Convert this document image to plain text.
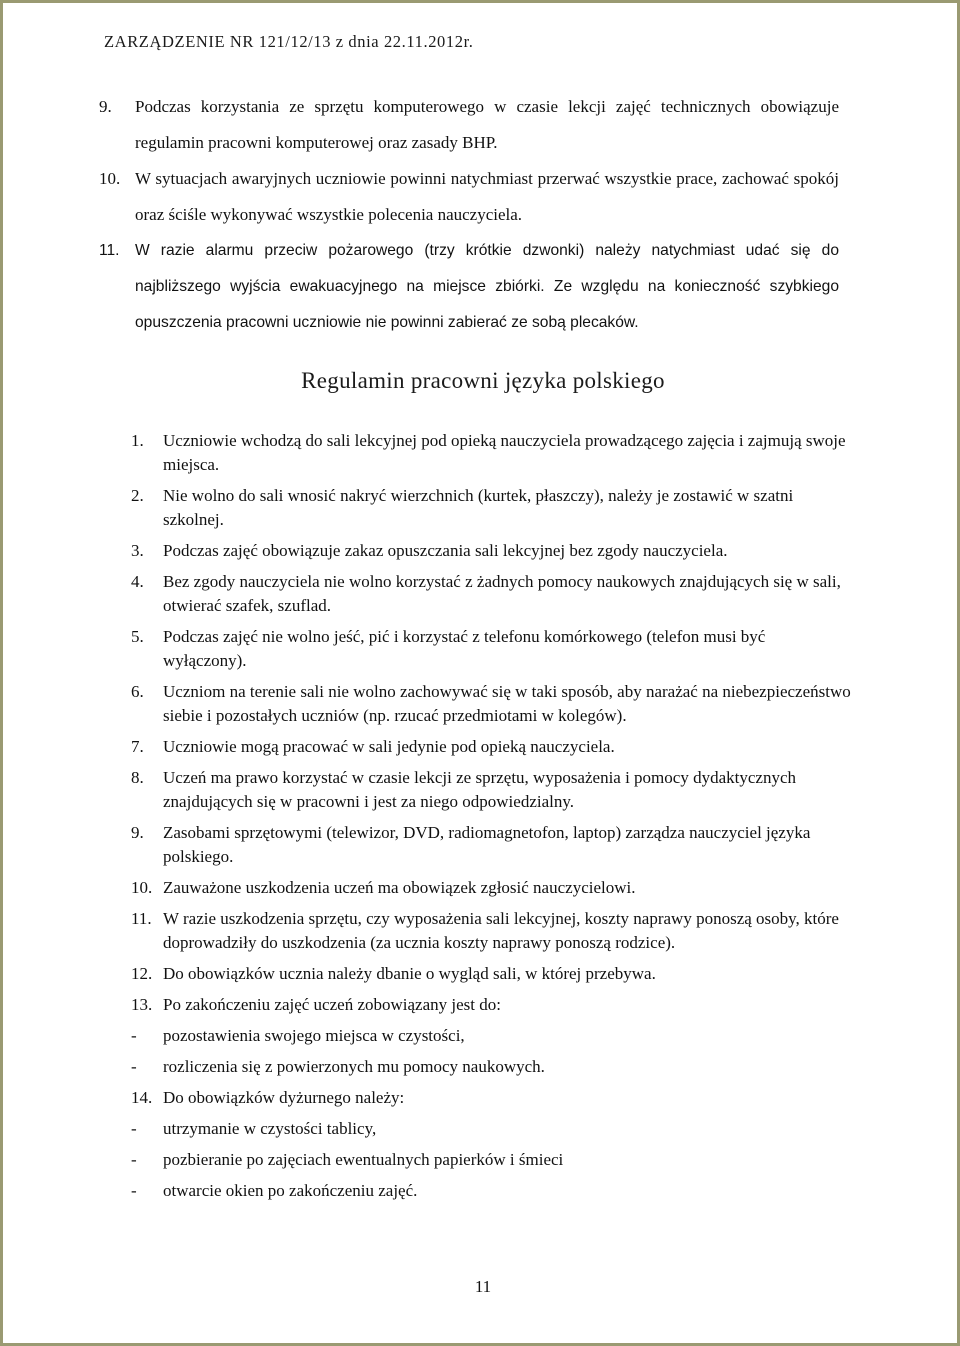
ZARZĄDZENIE NR 121/12/13 z dnia 22.11.2012r.
9. Podczas korzystania ze sprzętu komputerowego w czasie lekcji zajęć technicznych obowiązuje regulamin pracowni komputerowej oraz zasady BHP.
10. W sytuacjach awaryjnych uczniowie powinni natychmiast przerwać wszystkie prace, zachować spokój oraz ściśle wykonywać wszystkie polecenia nauczyciela.
11. W razie alarmu przeciw pożarowego (trzy krótkie dzwonki) należy natychmiast udać się do najbliższego wyjścia ewakuacyjnego na miejsce zbiórki. Ze względu na konieczność szybkiego opuszczenia pracowni uczniowie nie powinni zabierać ze sobą plecaków.
Regulamin pracowni języka polskiego
1. Uczniowie wchodzą do sali lekcyjnej pod opieką nauczyciela prowadzącego zajęcia i zajmują swoje miejsca.
2. Nie wolno do sali wnosić nakryć wierzchnich (kurtek, płaszczy), należy je zostawić w szatni szkolnej.
3. Podczas zajęć obowiązuje zakaz opuszczania sali lekcyjnej bez zgody nauczyciela.
4. Bez zgody nauczyciela nie wolno korzystać z żadnych pomocy naukowych znajdujących się w sali, otwierać szafek, szuflad.
5. Podczas zajęć nie wolno jeść, pić i korzystać z telefonu komórkowego (telefon musi być wyłączony).
6. Uczniom na terenie sali nie wolno zachowywać się w taki sposób, aby narażać na niebezpieczeństwo siebie i pozostałych uczniów (np. rzucać przedmiotami w kolegów).
7. Uczniowie mogą pracować w sali jedynie pod opieką nauczyciela.
8. Uczeń ma prawo korzystać w czasie lekcji ze sprzętu, wyposażenia i pomocy dydaktycznych znajdujących się w pracowni i jest za niego odpowiedzialny.
9. Zasobami sprzętowymi (telewizor, DVD, radiomagnetofon, laptop) zarządza nauczyciel języka polskiego.
10. Zauważone uszkodzenia uczeń ma obowiązek zgłosić nauczycielowi.
11. W razie uszkodzenia sprzętu, czy wyposażenia sali lekcyjnej, koszty naprawy ponoszą osoby, które doprowadziły do uszkodzenia (za ucznia koszty naprawy ponoszą rodzice).
12. Do obowiązków ucznia należy dbanie o wygląd sali, w której przebywa.
13. Po zakończeniu zajęć uczeń zobowiązany jest do:
- pozostawienia swojego miejsca w czystości,
- rozliczenia się z powierzonych mu pomocy naukowych.
14. Do obowiązków dyżurnego należy:
- utrzymanie w czystości tablicy,
- pozbieranie po zajęciach ewentualnych papierków i śmieci
- otwarcie okien po zakończeniu zajęć.
11
